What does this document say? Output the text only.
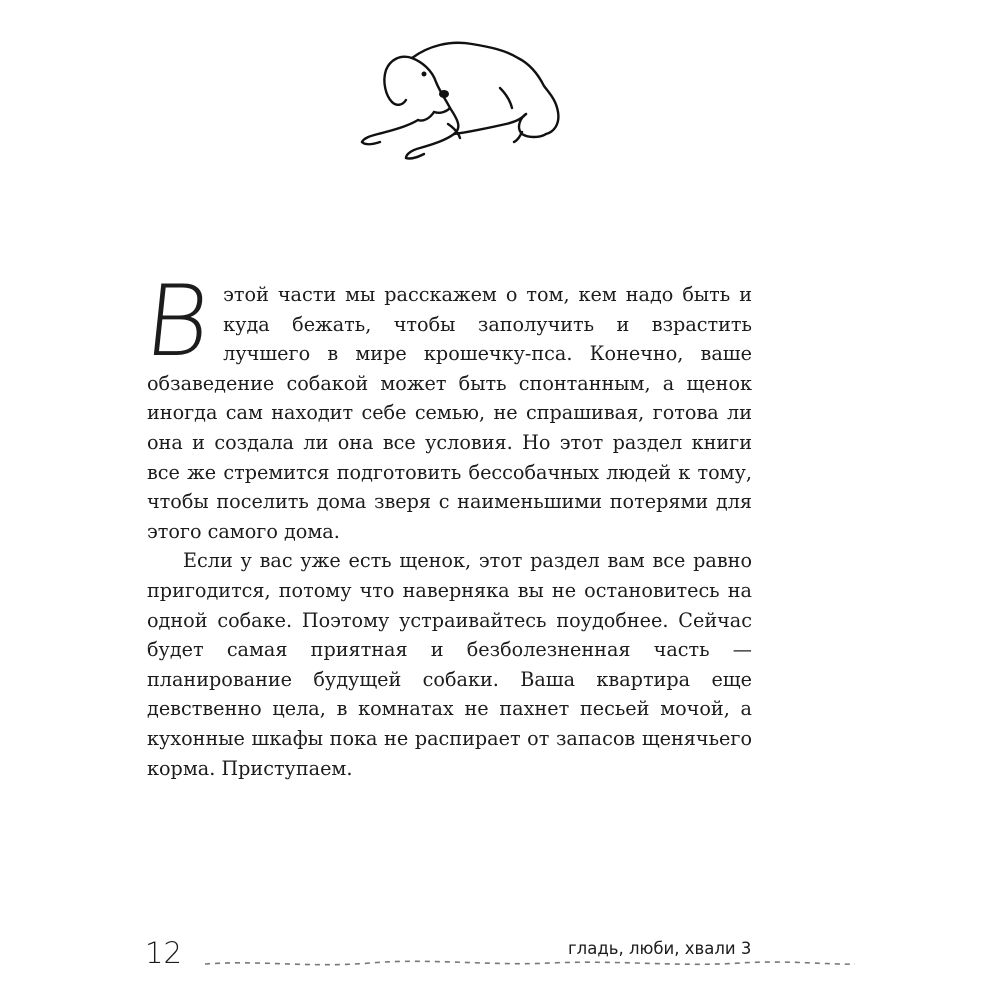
Вэтой части мы расскажем о том, кем надо быть и куда бежать, чтобы заполучить и взрастить лучшего в мире крошечку-пса. Конечно, ваше обзаведение собакой может быть спонтанным, а щенок иногда сам находит себе семью, не спрашивая, готова ли она и создала ли она все условия. Но этот раздел книги все же стремится подготовить бессобачных людей к тому, чтобы поселить дома зверя с наименьшими потерями для этого самого дома.

Если у вас уже есть щенок, этот раздел вам все равно пригодится, потому что наверняка вы не остановитесь на одной собаке. Поэтому устраивайтесь поудобнее. Сейчас будет самая приятная и безболезненная часть — планирование будущей собаки. Ваша квартира еще девственно цела, в комнатах не пахнет песьей мочой, а кухонные шкафы пока не распирает от запасов щенячьего корма. Приступаем.

12	гладь, люби, хвали 3
